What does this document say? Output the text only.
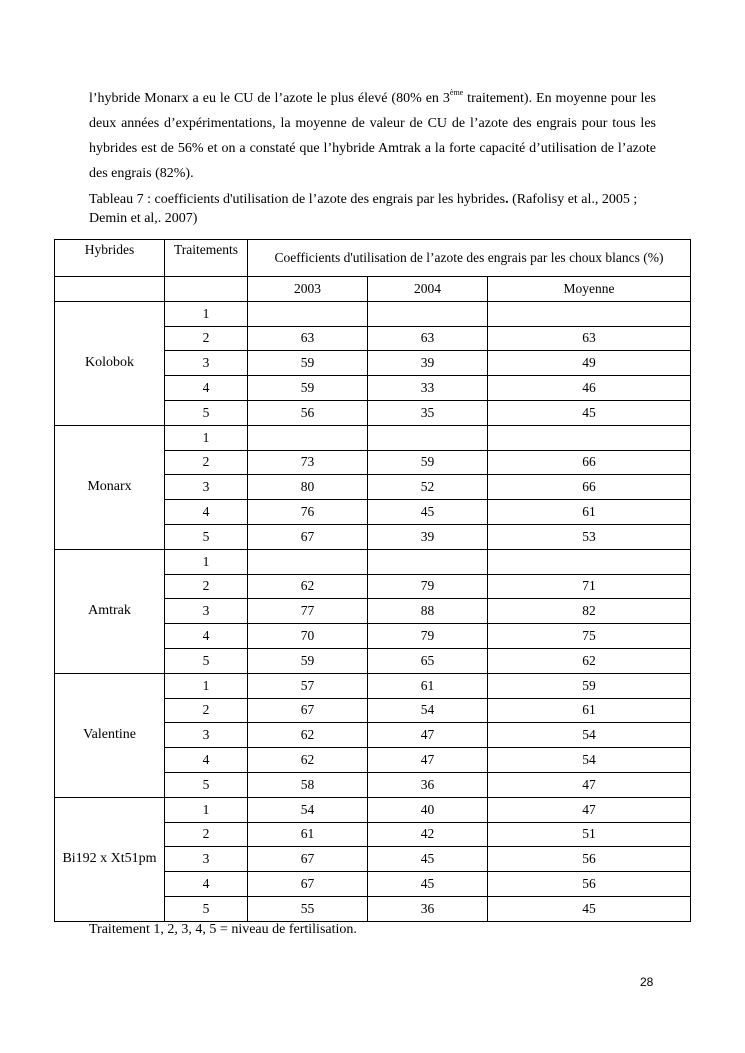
l’hybride Monarx a eu le CU de l’azote le plus élevé (80% en 3ème traitement). En moyenne pour les deux années d’expérimentations, la moyenne de valeur de CU de l’azote des engrais pour tous les hybrides est de 56% et on a constaté que l’hybride Amtrak a la forte capacité d’utilisation de l’azote des engrais (82%).
Tableau 7 : coefficients d'utilisation de l’azote des engrais par les hybrides. (Rafolisy et al., 2005 ; Demin et al,. 2007)
Hybrides	Traitements	Coefficients d'utilisation de l’azote des engrais par les choux blancs (%)		
		2003	2004	Moyenne
Kolobok	1			
	2	63	63	63
	3	59	39	49
	4	59	33	46
	5	56	35	45
Monarx	1			
	2	73	59	66
	3	80	52	66
	4	76	45	61
	5	67	39	53
Amtrak	1			
	2	62	79	71
	3	77	88	82
	4	70	79	75
	5	59	65	62
Valentine	1	57	61	59
	2	67	54	61
	3	62	47	54
	4	62	47	54
	5	58	36	47
Bi192 x Xt51pm	1	54	40	47
	2	61	42	51
	3	67	45	56
	4	67	45	56
	5	55	36	45
Traitement 1, 2, 3, 4, 5 = niveau de fertilisation.
28
